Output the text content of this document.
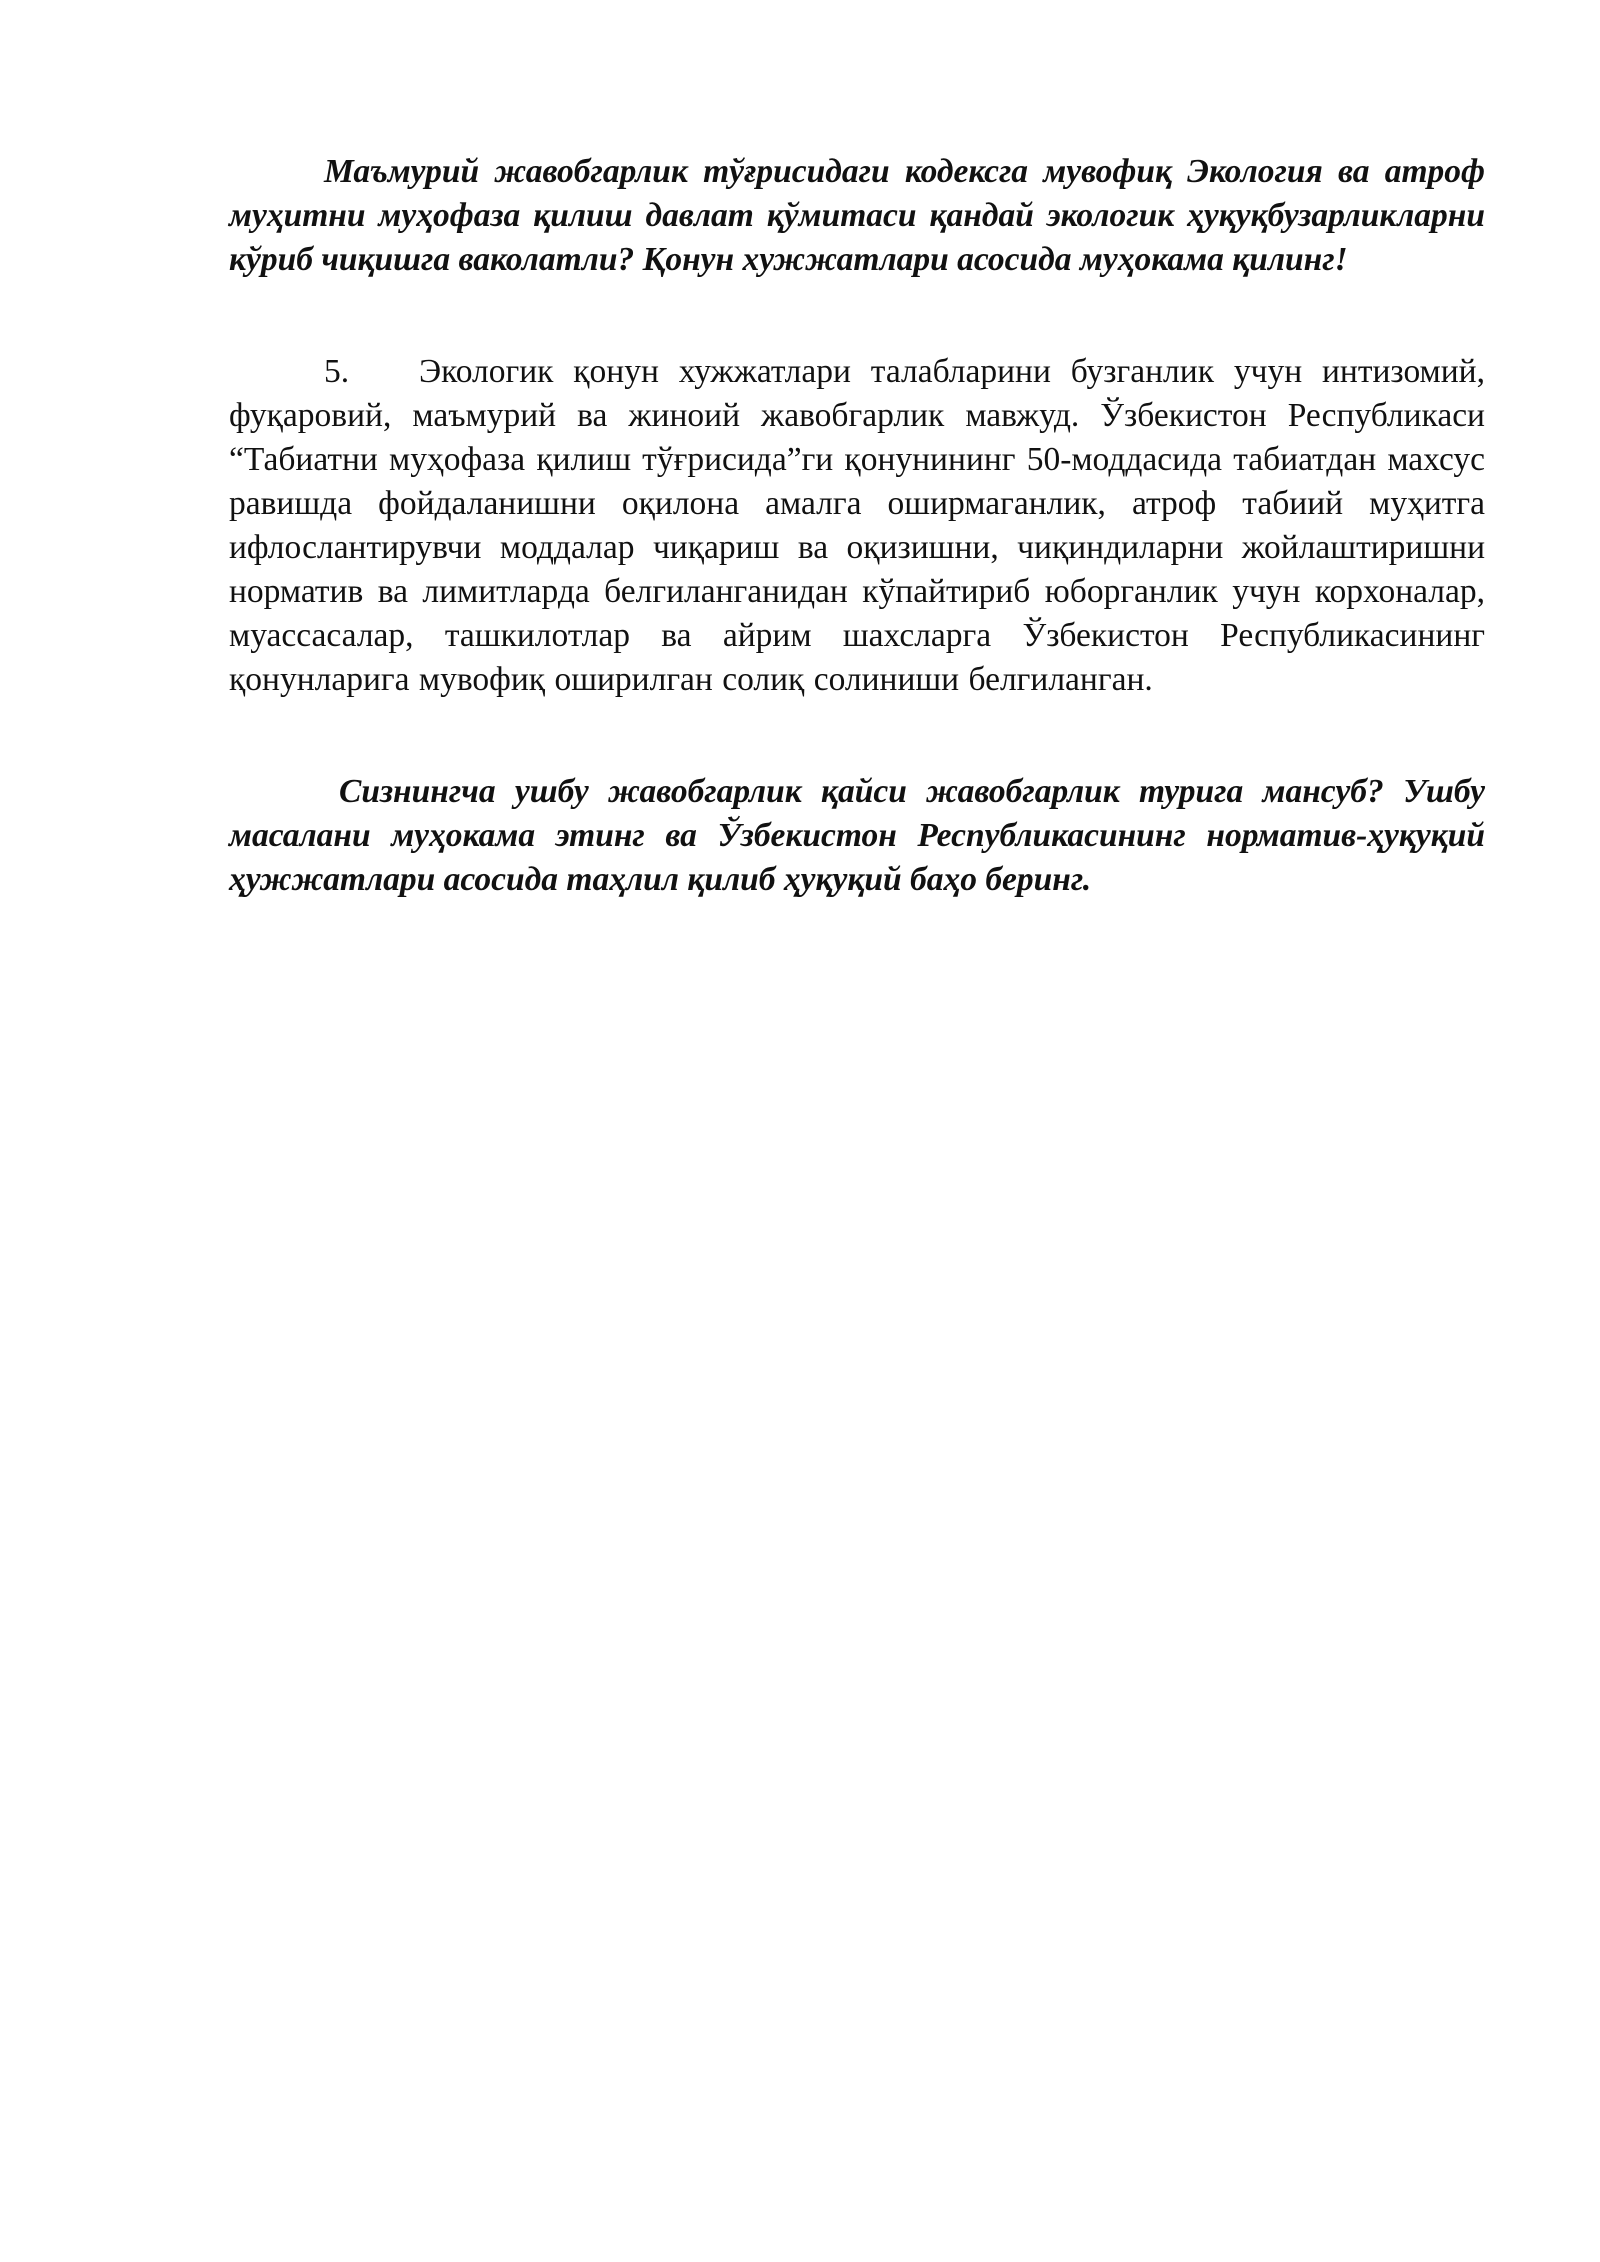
Маъмурий жавобгарлик тўғрисидаги кодексга мувофиқ Экология ва атроф муҳитни муҳофаза қилиш давлат қўмитаси қандай экологик ҳуқуқбузарликларни кўриб чиқишга ваколатли? Қонун хужжатлари асосида муҳокама қилинг!

5. Экологик қонун хужжатлари талабларини бузганлик учун интизомий, фуқаровий, маъмурий ва жиноий жавобгарлик мавжуд. Ўзбекистон Республикаси “Табиатни муҳофаза қилиш тўғрисида”ги қонунининг 50-моддасида табиатдан махсус равишда фойдаланишни оқилона амалга оширмаганлик, атроф табиий муҳитга ифлослантирувчи моддалар чиқариш ва оқизишни, чиқиндиларни жойлаштиришни норматив ва лимитларда белгиланганидан кўпайтириб юборганлик учун корхоналар, муассасалар, ташкилотлар ва айрим шахсларга Ўзбекистон Республикасининг қонунларига мувофиқ оширилган солиқ солиниши белгиланган.

Сизнингча ушбу жавобгарлик қайси жавобгарлик турига мансуб? Ушбу масалани муҳокама этинг ва Ўзбекистон Республикасининг норматив-ҳуқуқий ҳужжатлари асосида таҳлил қилиб ҳуқуқий баҳо беринг.
